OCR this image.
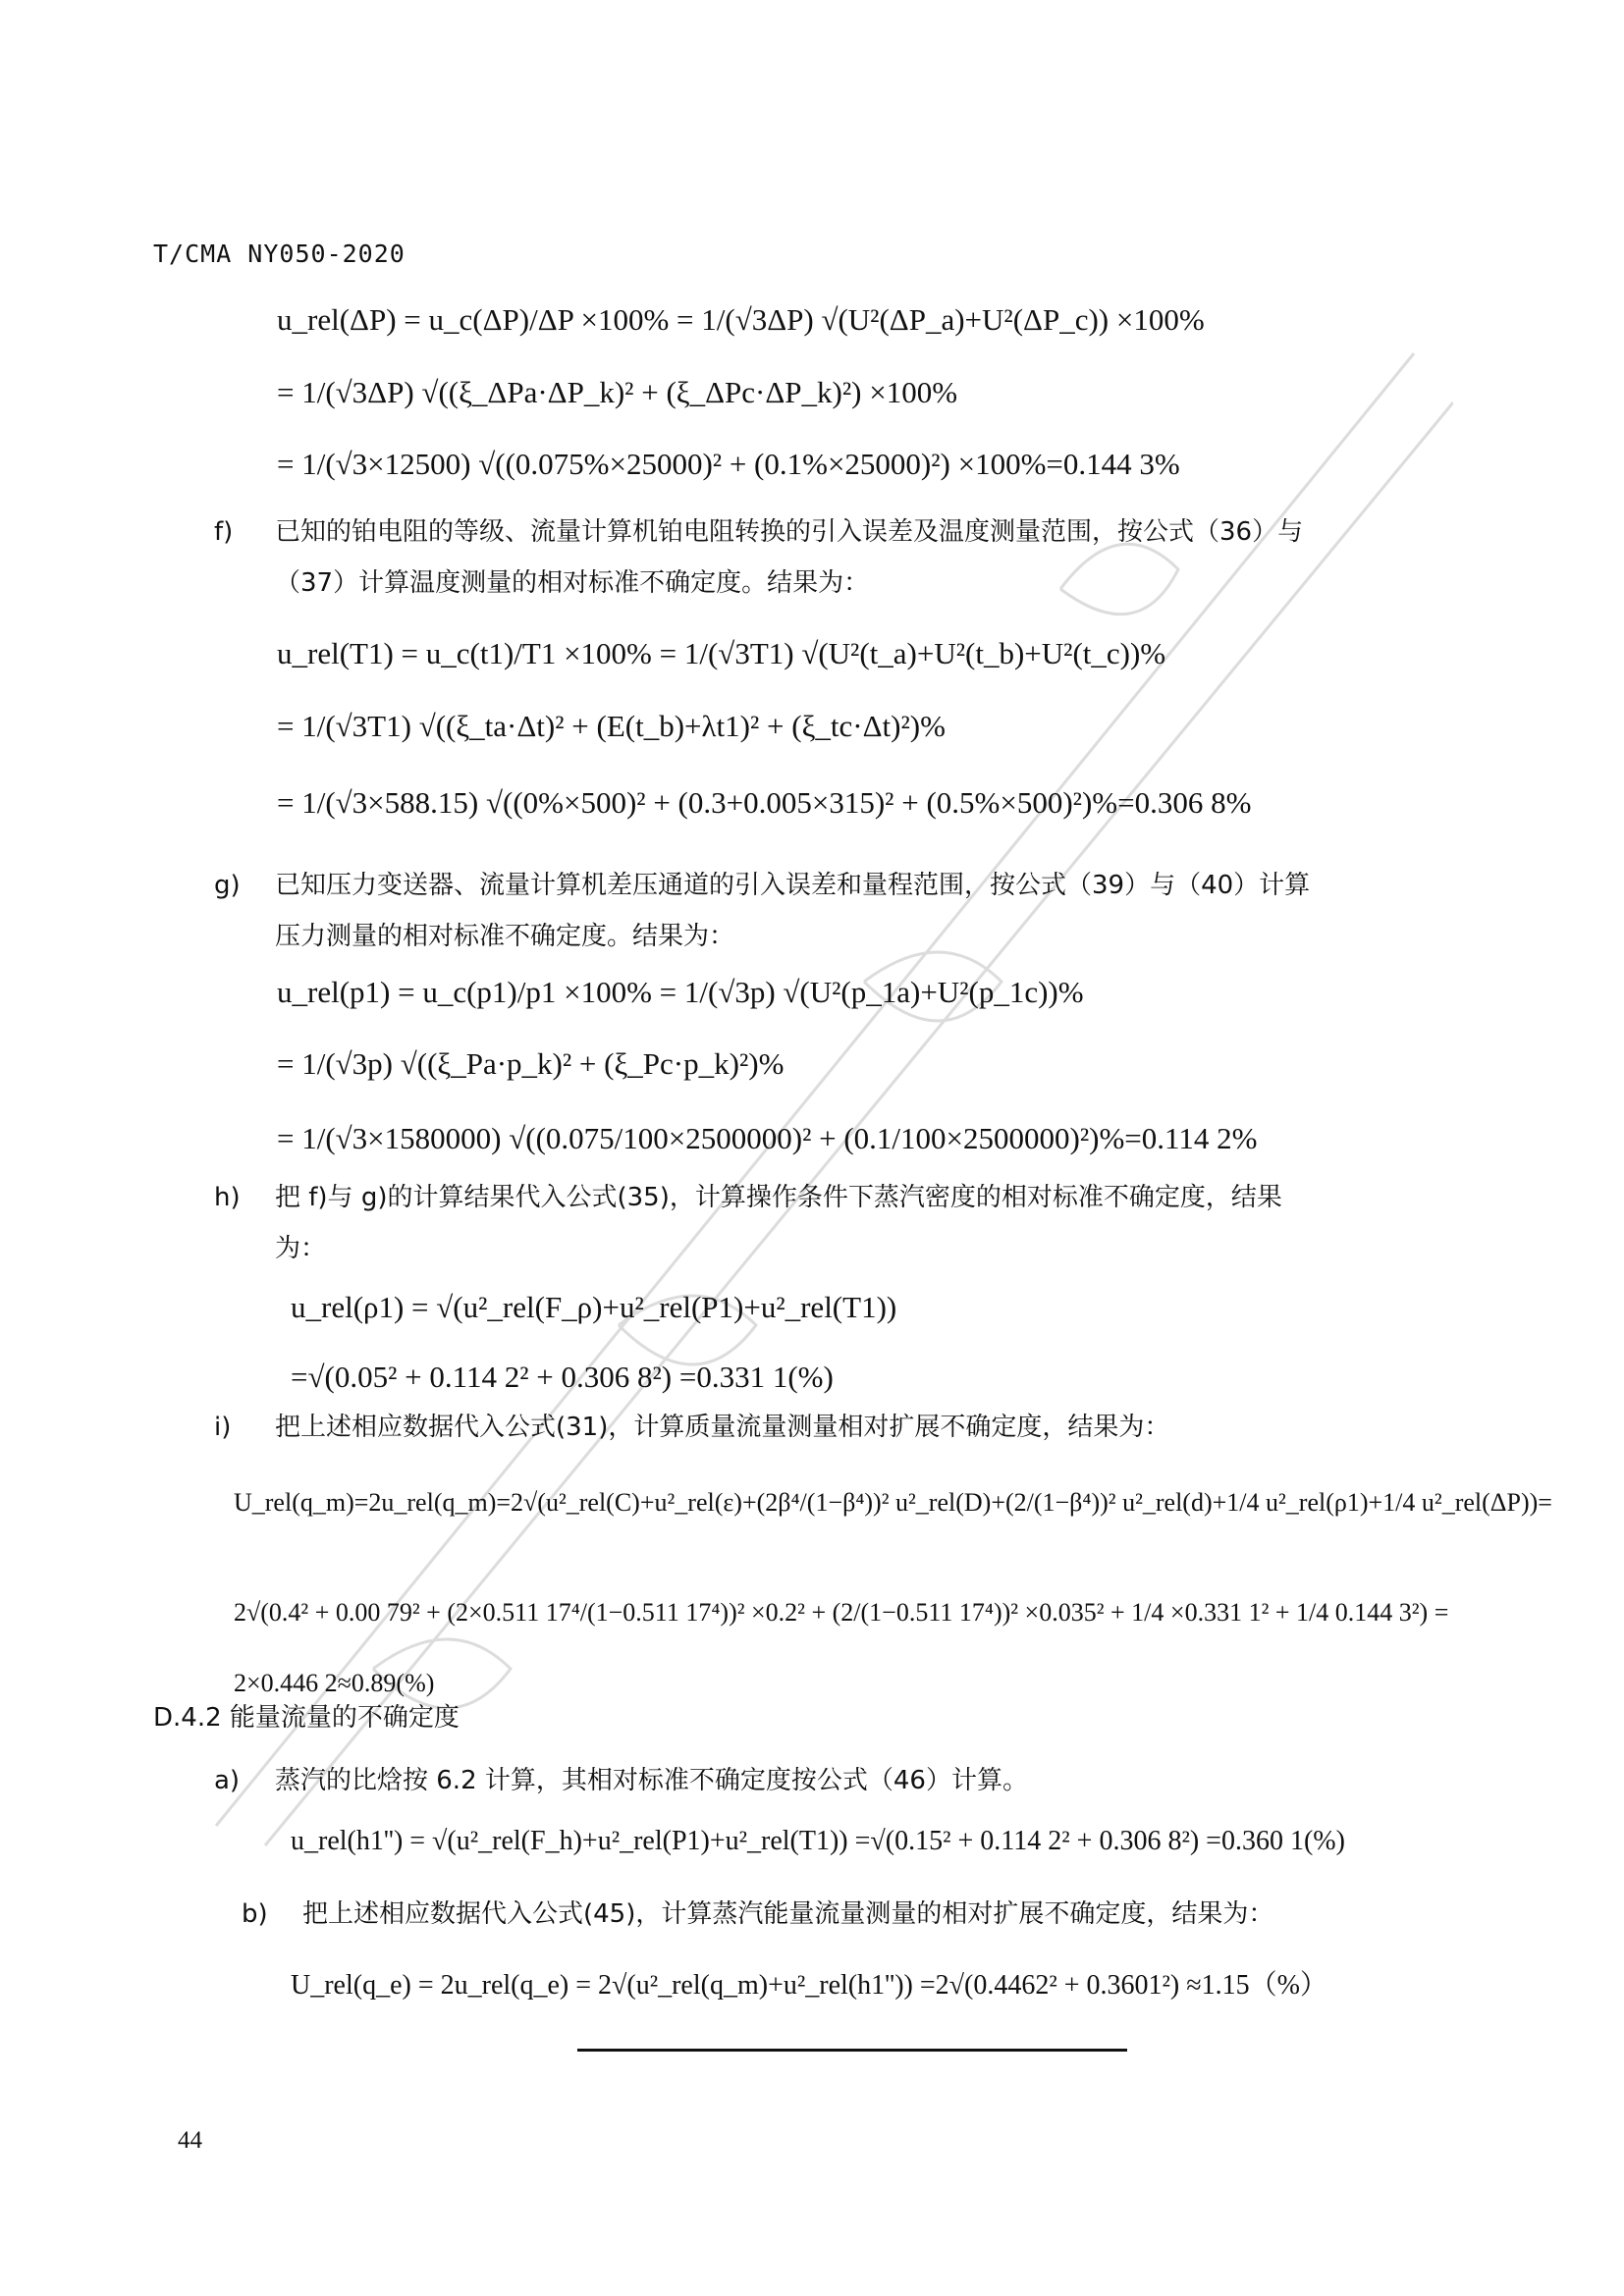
T/CMA NY050-2020
u_rel(ΔP) = u_c(ΔP)/ΔP ×100% = 1/(√3ΔP) √(U²(ΔP_a)+U²(ΔP_c)) ×100%
= 1/(√3ΔP) √((ξ_ΔPa·ΔP_k)² + (ξ_ΔPc·ΔP_k)²) ×100%
= 1/(√3×12500) √((0.075%×25000)² + (0.1%×25000)²) ×100%=0.144 3%
f) 已知的铂电阻的等级、流量计算机铂电阻转换的引入误差及温度测量范围，按公式（36）与
（37）计算温度测量的相对标准不确定度。结果为：
u_rel(T1) = u_c(t1)/T1 ×100% = 1/(√3T1) √(U²(t_a)+U²(t_b)+U²(t_c))%
= 1/(√3T1) √((ξ_ta·Δt)² + (E(t_b)+λt1)² + (ξ_tc·Δt)²)%
= 1/(√3×588.15) √((0%×500)² + (0.3+0.005×315)² + (0.5%×500)²)%=0.306 8%
g) 已知压力变送器、流量计算机差压通道的引入误差和量程范围，按公式（39）与（40）计算
压力测量的相对标准不确定度。结果为：
u_rel(p1) = u_c(p1)/p1 ×100% = 1/(√3p) √(U²(p_1a)+U²(p_1c))%
= 1/(√3p) √((ξ_Pa·p_k)² + (ξ_Pc·p_k)²)%
= 1/(√3×1580000) √((0.075/100×2500000)² + (0.1/100×2500000)²)%=0.114 2%
h) 把 f)与 g)的计算结果代入公式(35)，计算操作条件下蒸汽密度的相对标准不确定度，结果
为：
u_rel(ρ1) = √(u²_rel(F_ρ)+u²_rel(P1)+u²_rel(T1))
=√(0.05² + 0.114 2² + 0.306 8²) =0.331 1(%)
i) 把上述相应数据代入公式(31)，计算质量流量测量相对扩展不确定度，结果为：
U_rel(q_m)=2u_rel(q_m)=2√(u²_rel(C)+u²_rel(ε)+(2β⁴/(1−β⁴))² u²_rel(D)+(2/(1−β⁴))² u²_rel(d)+1/4 u²_rel(ρ1)+1/4 u²_rel(ΔP))=
2√(0.4² + 0.00 79² + (2×0.511 17⁴/(1−0.511 17⁴))² ×0.2² + (2/(1−0.511 17⁴))² ×0.035² + 1/4 ×0.331 1² + 1/4 0.144 3²) =
2×0.446 2≈0.89(%)
D.4.2 能量流量的不确定度
a) 蒸汽的比焓按 6.2 计算，其相对标准不确定度按公式（46）计算。
u_rel(h1'') = √(u²_rel(F_h)+u²_rel(P1)+u²_rel(T1)) =√(0.15² + 0.114 2² + 0.306 8²) =0.360 1(%)
b) 把上述相应数据代入公式(45)，计算蒸汽能量流量测量的相对扩展不确定度，结果为：
U_rel(q_e) = 2u_rel(q_e) = 2√(u²_rel(q_m)+u²_rel(h1'')) =2√(0.4462² + 0.3601²) ≈1.15（%）
44
